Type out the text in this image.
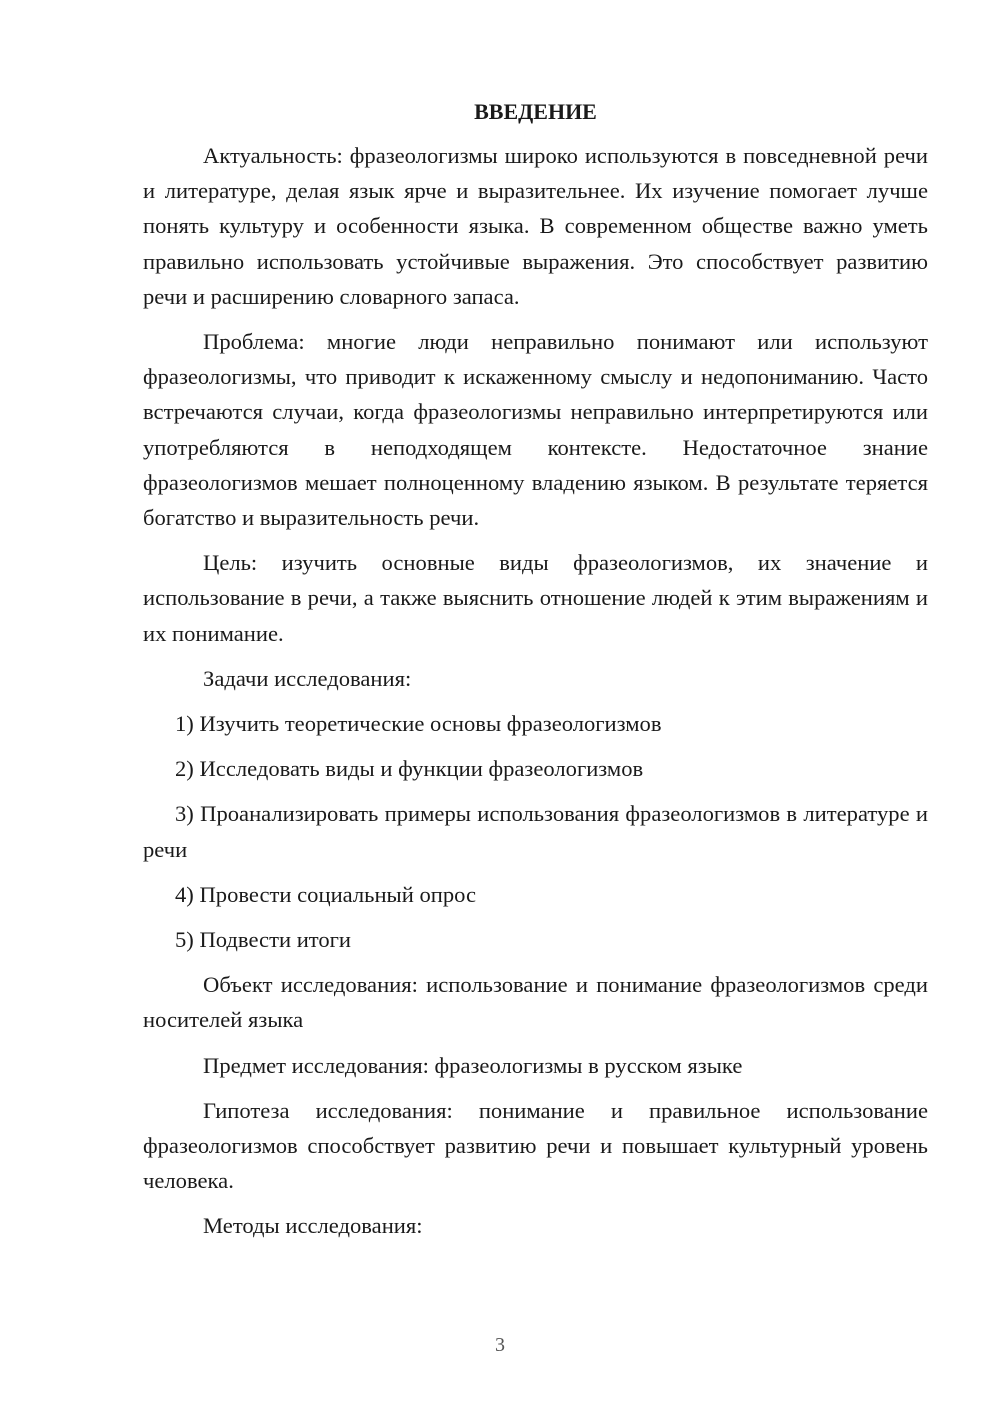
ВВЕДЕНИЕ
Актуальность: фразеологизмы широко используются в повседневной речи и литературе, делая язык ярче и выразительнее. Их изучение помогает лучше понять культуру и особенности языка. В современном обществе важно уметь правильно использовать устойчивые выражения. Это способствует развитию речи и расширению словарного запаса.
Проблема: многие люди неправильно понимают или используют фразеологизмы, что приводит к искаженному смыслу и недопониманию. Часто встречаются случаи, когда фразеологизмы неправильно интерпретируются или употребляются в неподходящем контексте. Недостаточное знание фразеологизмов мешает полноценному владению языком. В результате теряется богатство и выразительность речи.
Цель: изучить основные виды фразеологизмов, их значение и использование в речи, а также выяснить отношение людей к этим выражениям и их понимание.
Задачи исследования:
1) Изучить теоретические основы фразеологизмов
2) Исследовать виды и функции фразеологизмов
3) Проанализировать примеры использования фразеологизмов в литературе и речи
4) Провести социальный опрос
5) Подвести итоги
Объект исследования: использование и понимание фразеологизмов среди носителей языка
Предмет исследования: фразеологизмы в русском языке
Гипотеза исследования: понимание и правильное использование фразеологизмов способствует развитию речи и повышает культурный уровень человека.
Методы исследования:
3
